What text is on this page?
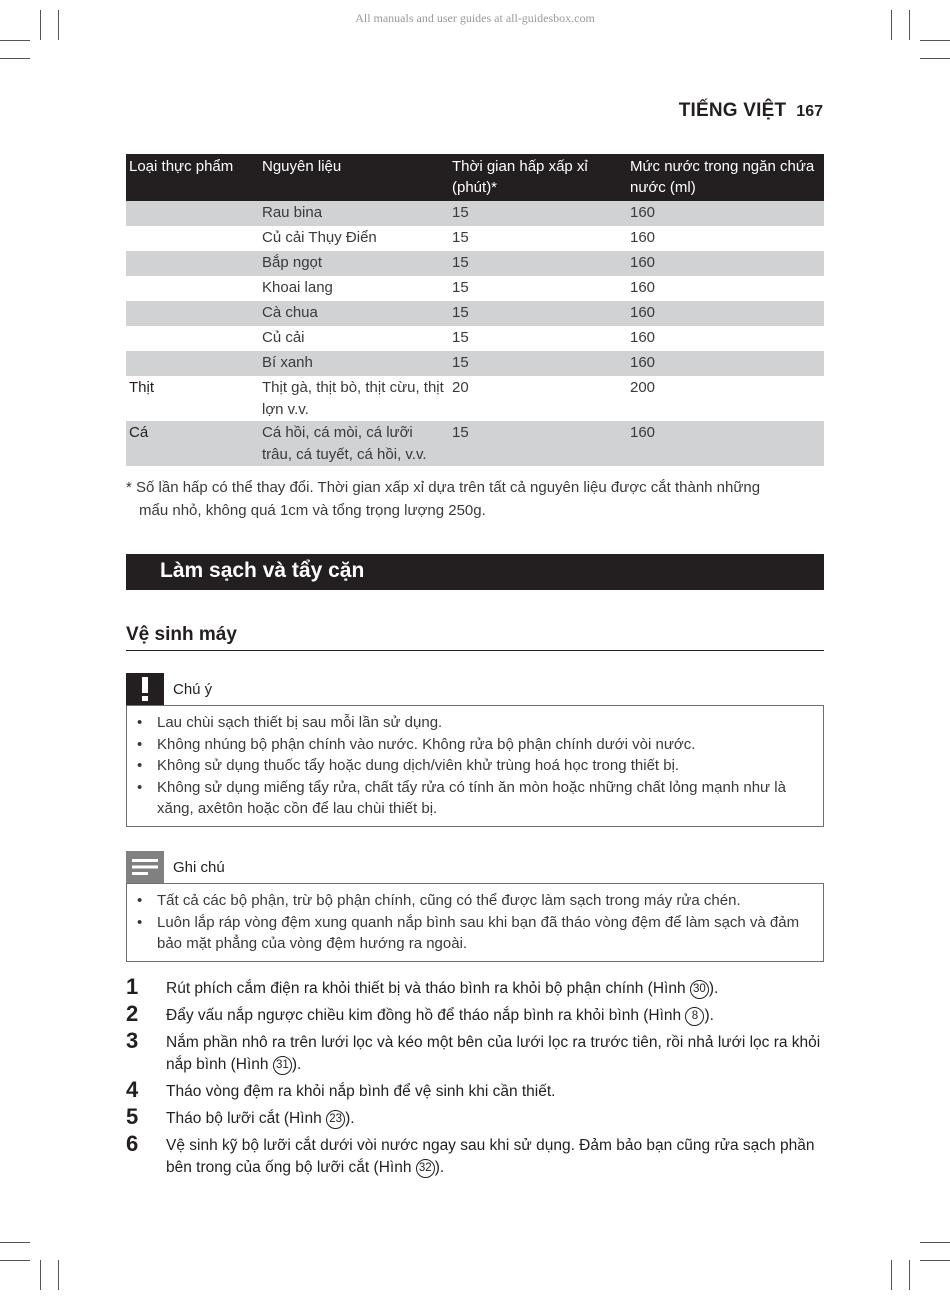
All manuals and user guides at all-guidesbox.com
TIẾNG VIỆT 167
Loại thực phẩm	Nguyên liệu	Thời gian hấp xấp xỉ (phút)*	Mức nước trong ngăn chứa nước (ml)
	Rau bina	15	160
	Củ cải Thụy Điển	15	160
	Bắp ngọt	15	160
	Khoai lang	15	160
	Cà chua	15	160
	Củ cải	15	160
	Bí xanh	15	160
Thịt	Thịt gà, thịt bò, thịt cừu, thịt lợn v.v.	20	200
Cá	Cá hồi, cá mòi, cá lưỡi trâu, cá tuyết, cá hồi, v.v.	15	160
* Số lần hấp có thể thay đổi. Thời gian xấp xỉ dựa trên tất cả nguyên liệu được cắt thành những
mẩu nhỏ, không quá 1cm và tổng trọng lượng 250g.
Làm sạch và tẩy cặn
Vệ sinh máy
Chú ý
• Lau chùi sạch thiết bị sau mỗi lần sử dụng.
• Không nhúng bộ phận chính vào nước. Không rửa bộ phận chính dưới vòi nước.
• Không sử dụng thuốc tẩy hoặc dung dịch/viên khử trùng hoá học trong thiết bị.
• Không sử dụng miếng tẩy rửa, chất tẩy rửa có tính ăn mòn hoặc những chất lỏng mạnh như là xăng, axêtôn hoặc cồn để lau chùi thiết bị.
Ghi chú
• Tất cả các bộ phận, trừ bộ phận chính, cũng có thể được làm sạch trong máy rửa chén.
• Luôn lắp ráp vòng đệm xung quanh nắp bình sau khi bạn đã tháo vòng đệm để làm sạch và đảm bảo mặt phẳng của vòng đệm hướng ra ngoài.
1 Rút phích cắm điện ra khỏi thiết bị và tháo bình ra khỏi bộ phận chính (Hình 30 ).
2 Đẩy vấu nắp ngược chiều kim đồng hồ để tháo nắp bình ra khỏi bình (Hình 8 ).
3 Nắm phần nhô ra trên lưới lọc và kéo một bên của lưới lọc ra trước tiên, rồi nhả lưới lọc ra khỏi nắp bình (Hình 31 ).
4 Tháo vòng đệm ra khỏi nắp bình để vệ sinh khi cần thiết.
5 Tháo bộ lưỡi cắt (Hình 23 ).
6 Vệ sinh kỹ bộ lưỡi cắt dưới vòi nước ngay sau khi sử dụng. Đảm bảo bạn cũng rửa sạch phần bên trong của ống bộ lưỡi cắt (Hình 32 ).
